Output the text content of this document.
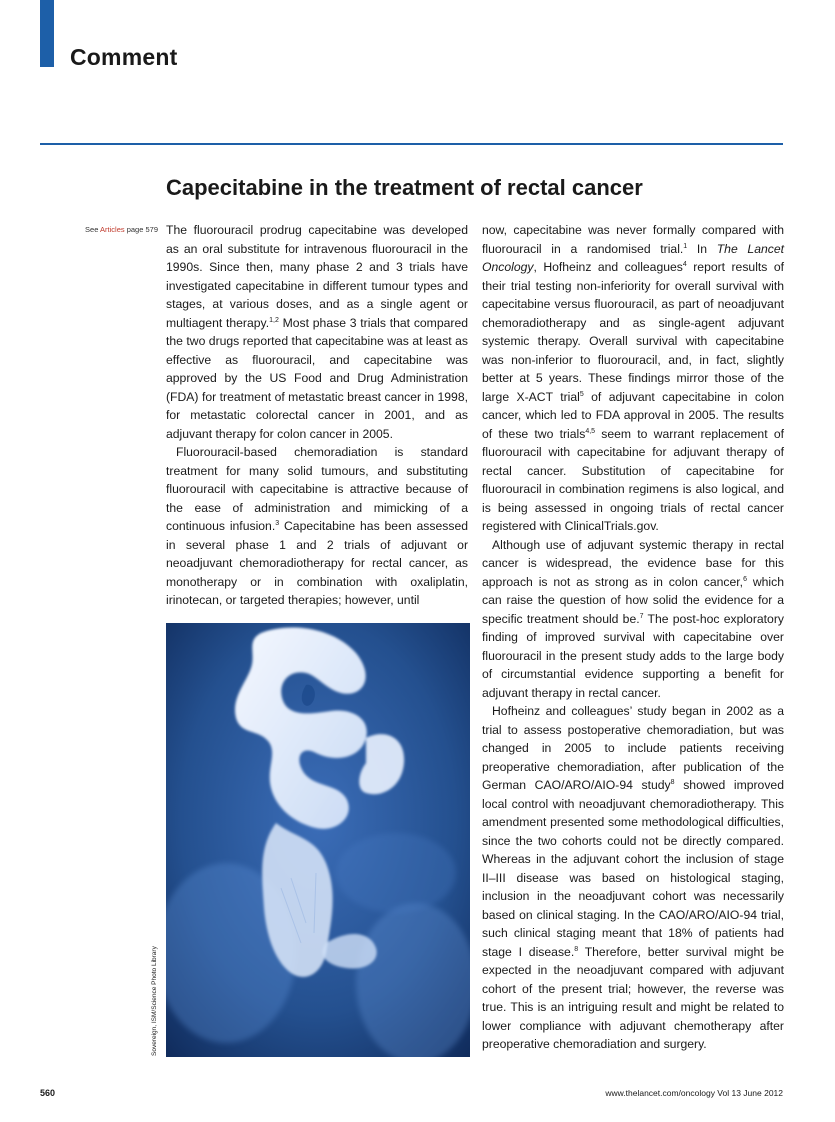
Comment
Capecitabine in the treatment of rectal cancer
See Articles page 579 The fluorouracil prodrug capecitabine was developed as an oral substitute for intravenous fluorouracil in the 1990s. Since then, many phase 2 and 3 trials have investigated capecitabine in different tumour types and stages, at various doses, and as a single agent or multiagent therapy.$^{1,2}$ Most phase 3 trials that compared the two drugs reported that capecitabine was at least as effective as fluorouracil, and capecitabine was approved by the US Food and Drug Administration (FDA) for treatment of metastatic breast cancer in 1998, for metastatic colorectal cancer in 2001, and as adjuvant therapy for colon cancer in 2005.

Fluorouracil-based chemoradiation is standard treatment for many solid tumours, and substituting fluorouracil with capecitabine is attractive because of the ease of administration and mimicking of a continuous infusion.$^3$ Capecitabine has been assessed in several phase 1 and 2 trials of adjuvant or neoadjuvant chemoradiotherapy for rectal cancer, as monotherapy or in combination with oxaliplatin, irinotecan, or targeted therapies; however, until

Sovereign, ISM/Science Photo Library

now, capecitabine was never formally compared with fluorouracil in a randomised trial.$^1$ In The Lancet Oncology, Hofheinz and colleagues$^4$ report results of their trial testing non-inferiority for overall survival with capecitabine versus fluorouracil, as part of neoadjuvant chemoradiotherapy and as single-agent adjuvant systemic therapy. Overall survival with capecitabine was non-inferior to fluorouracil, and, in fact, slightly better at 5 years. These findings mirror those of the large X-ACT trial$^5$ of adjuvant capecitabine in colon cancer, which led to FDA approval in 2005. The results of these two trials$^{4,5}$ seem to warrant replacement of fluorouracil with capecitabine for adjuvant therapy of rectal cancer. Substitution of capecitabine for fluorouracil in combination regimens is also logical, and is being assessed in ongoing trials of rectal cancer registered with ClinicalTrials.gov.

Although use of adjuvant systemic therapy in rectal cancer is widespread, the evidence base for this approach is not as strong as in colon cancer,$^6$ which can raise the question of how solid the evidence for a specific treatment should be.$^7$ The post-hoc exploratory finding of improved survival with capecitabine over fluorouracil in the present study adds to the large body of circumstantial evidence supporting a benefit for adjuvant therapy in rectal cancer.

Hofheinz and colleagues’ study began in 2002 as a trial to assess postoperative chemoradiation, but was changed in 2005 to include patients receiving preoperative chemoradiation, after publication of the German CAO/ARO/AIO-94 study$^8$ showed improved local control with neoadjuvant chemoradiotherapy. This amendment presented some methodological difficulties, since the two cohorts could not be directly compared. Whereas in the adjuvant cohort the inclusion of stage II–III disease was based on histological staging, inclusion in the neoadjuvant cohort was necessarily based on clinical staging. In the CAO/ARO/AIO-94 trial, such clinical staging meant that 18% of patients had stage I disease.$^8$ Therefore, better survival might be expected in the neoadjuvant compared with adjuvant cohort of the present trial; however, the reverse was true. This is an intriguing result and might be related to lower compliance with adjuvant chemotherapy after preoperative chemoradiation and surgery.

560	www.thelancet.com/oncology Vol 13 June 2012
